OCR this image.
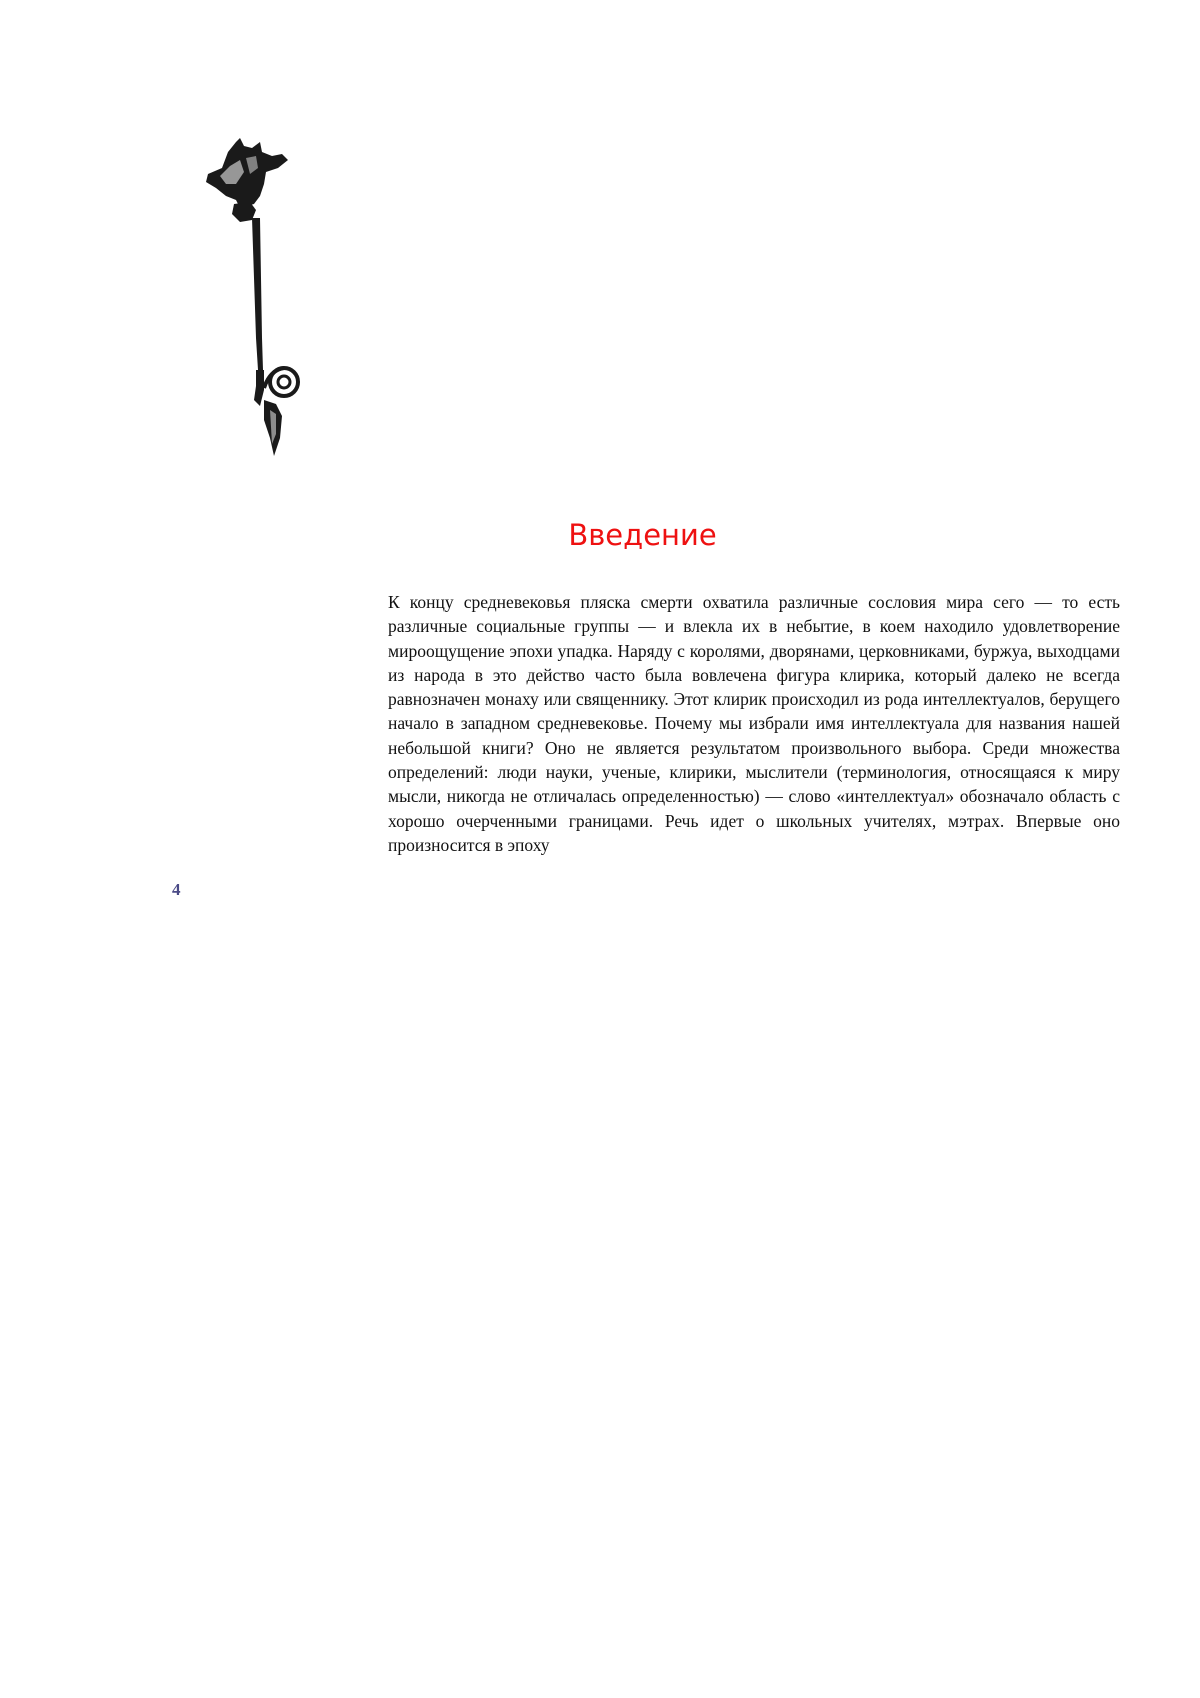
Введение

К концу средневековья пляска смерти охватила различные сословия мира сего — то есть различные социальные группы — и влекла их в небытие, в коем находило удовлетворение мироощущение эпохи упадка. Наряду с королями, дворянами, церковниками, буржуа, выходцами из народа в это действо часто была вовлечена фигура клирика, который далеко не всегда равнозначен монаху или священнику. Этот клирик происходил из рода интеллектуалов, берущего начало в западном средневековье. Почему мы избрали имя интеллектуала для названия нашей небольшой книги? Оно не является результатом произвольного выбора. Среди множества определений: люди науки, ученые, клирики, мыслители (терминология, относящаяся к миру мысли, никогда не отличалась определенностью) — слово «интеллектуал» обозначало область с хорошо очерченными границами. Речь идет о школьных учителях, мэтрах. Впервые оно произносится в эпоху

4
